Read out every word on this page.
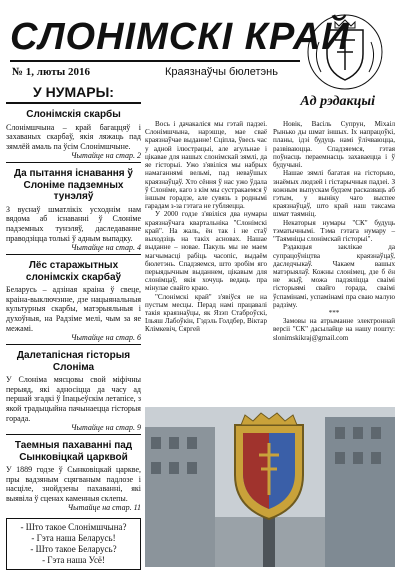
СЛОНІМСКІ КРАЙ
№ 1, люты 2016	Краязнаўчы бюлетэнь
У НУМАРЫ:
Слонімскія скарбы
Слонімшчына – край багаццяў і захаваных скарбаў, якія ляжаць пад зямлёй амаль па ўсім Слонімшчыне.
Чытайце на стар. 2
Да пытання існавання ў Слоніме падземных тунэляў
З вуснаў шматлікіх усходнім нам вядома аб існаванні ў Слоніме падземных тунэляў, даследаванне праводзіцца толькі ў адным выпадку.
Чытайце на стар. 4
Лёс старажытных слонімскіх скарбаў
Беларусь – адзіная краіна ў свеце, краіна-выключэнне, дзе нацыянальныя культурныя скарбы, матэрыяльныя і духоўныя, на Радзіме мелі, чым за яе межамі.
Чытайце на стар. 6
Далетапісная гісторыя Слоніма
У Слоніма мясцовы свой міфічны перыяд, які адносіцца да часу ад першай згадкі ў Іпацьеўскім летапісе, з якой традыцыйна пачынаецца гісторыя горада.
Чытайце на стар. 9
Таемныя пахаванні пад Сынковіцкай царквой
У 1889 годзе ў Сынковіцкай царкве, пры вадзяным сцягваным падлозе і насціле, знойдзены пахаванні, які выявіла ў сценах каменныя склепы.
Чытайце на стар. 11
- Што такое Слонімшчына?
- Гэта наша Беларусь!
- Што такое Беларусь?
- Гэта наша Усё!
Ад рэдакцыі

Вось і дачакаліся мы гэтай падзеі. Слонімшчына, нарэшце, мае сваё краязнаўчае выданне! Сціпла, ўвесь час у адной ілюстрацыі, але агульнае і цікавае для нашых слонімскай зямлі, да яе гісторыі. Ужо з'явіліся мы набрых намаганнямі вельмі, пад неваўшых краязнаўцаў. Хто сёння ў нас ужо ўдала ў Слоніме, каго з кім мы сустракаемся ў іншым горадзе, але сувязь з роднымі гарадам з-за гэтага не губляецца.

У 2000 годзе з'явіліся два нумары краязнаўчага квартальніка "Слонімскі край". На жаль, ён так і не стаў выходзіць на такіх асновах. Нашае выданне – новае. Пакуль мы не маем магчымасці рабіць часопіс, выдаём бюлетэнь. Спадзяемся, што зробім яго перыядычным выданнем, цікавым для слонімцаў, якія хочуць ведаць пра мінулае свайго краю.

"Слонімскі край" з'явіўся не на пустым месцы. Перад намі працавалі такія краязнаўцы, як Язэп Стаброўскі, Ільяш Лабоўкін, Гэдэль Голдбер, Віктар Клімкевіч, Сяргей

Новік, Васіль Супрун, Міхаіл Рынько ды шмат іншых. Іх напрацоўкі, планы, ідэі будуць намі ўлічваюцца, развіваюцца. Спадзяемся, гэтая поўнасць пераемнасць захаваецца і ў будучыні.

Нашае зямлі багатая на гісторыю, знаёмых людзей і гістарычныя падзеі. З кожным выпускам будзем расказваць аб гэтым, у выніку чаго выспее краязнаўцаў, што край наш таксама шмат таямніц.

Некаторыя нумары "СК" будуць тэматычнымі. Тэма гэтага нумару – "Таямніцы слонімскай гісторыі".

Рэдакцыя заклікае да супрацоўніцтва краязнаўцаў, даследчыкаў. Чакаем вашых матэрыялаў. Кожны слонімец, дзе б ён не жыў, можа падзяліцца сваімі гісторыямі свайго горада, сваімі ўспамінамі, успамінамі пра сваю малую радзіму.

***

Замовы на атрыманне электроннай версіі "СК" дасылайце на нашу пошту: slonimskikraj@gmail.com
